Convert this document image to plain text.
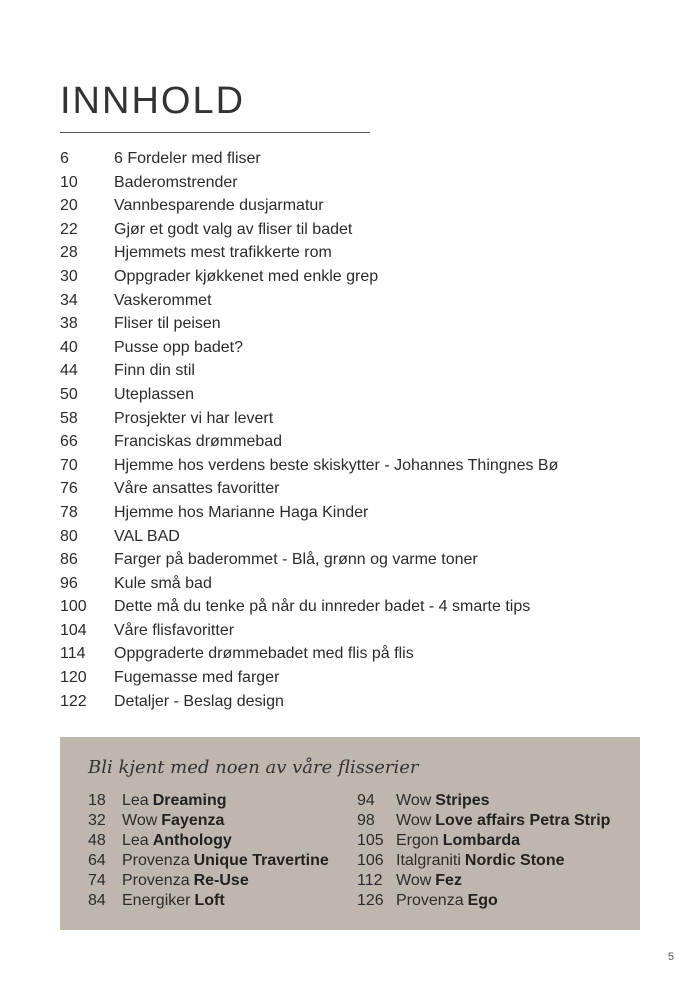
INNHOLD
6	6 Fordeler med fliser
10	Baderomstrender
20	Vannbesparende dusjarmatur
22	Gjør et godt valg av fliser til badet
28	Hjemmets mest trafikkerte rom
30	Oppgrader kjøkkenet med enkle grep
34	Vaskerommet
38	Fliser til peisen
40	Pusse opp badet?
44	Finn din stil
50	Uteplassen
58	Prosjekter vi har levert
66	Franciskas drømmebad
70	Hjemme hos verdens beste skiskytter - Johannes Thingnes Bø
76	Våre ansattes favoritter
78	Hjemme hos Marianne Haga Kinder
80	VAL BAD
86	Farger på baderommet - Blå, grønn og varme toner
96	Kule små bad
100	Dette må du tenke på når du innreder badet - 4 smarte tips
104	Våre flisfavoritter
114	Oppgraderte drømmebadet med flis på flis
120	Fugemasse med farger
122	Detaljer - Beslag design
Bli kjent med noen av våre flisserier
18	Lea Dreaming
32	Wow Fayenza
48	Lea Anthology
64	Provenza Unique Travertine
74	Provenza Re-Use
84	Energiker Loft
94	Wow Stripes
98	Wow Love affairs Petra Strip
105 Ergon Lombarda
106 Italgraniti Nordic Stone
112 Wow Fez
126 Provenza Ego
5
